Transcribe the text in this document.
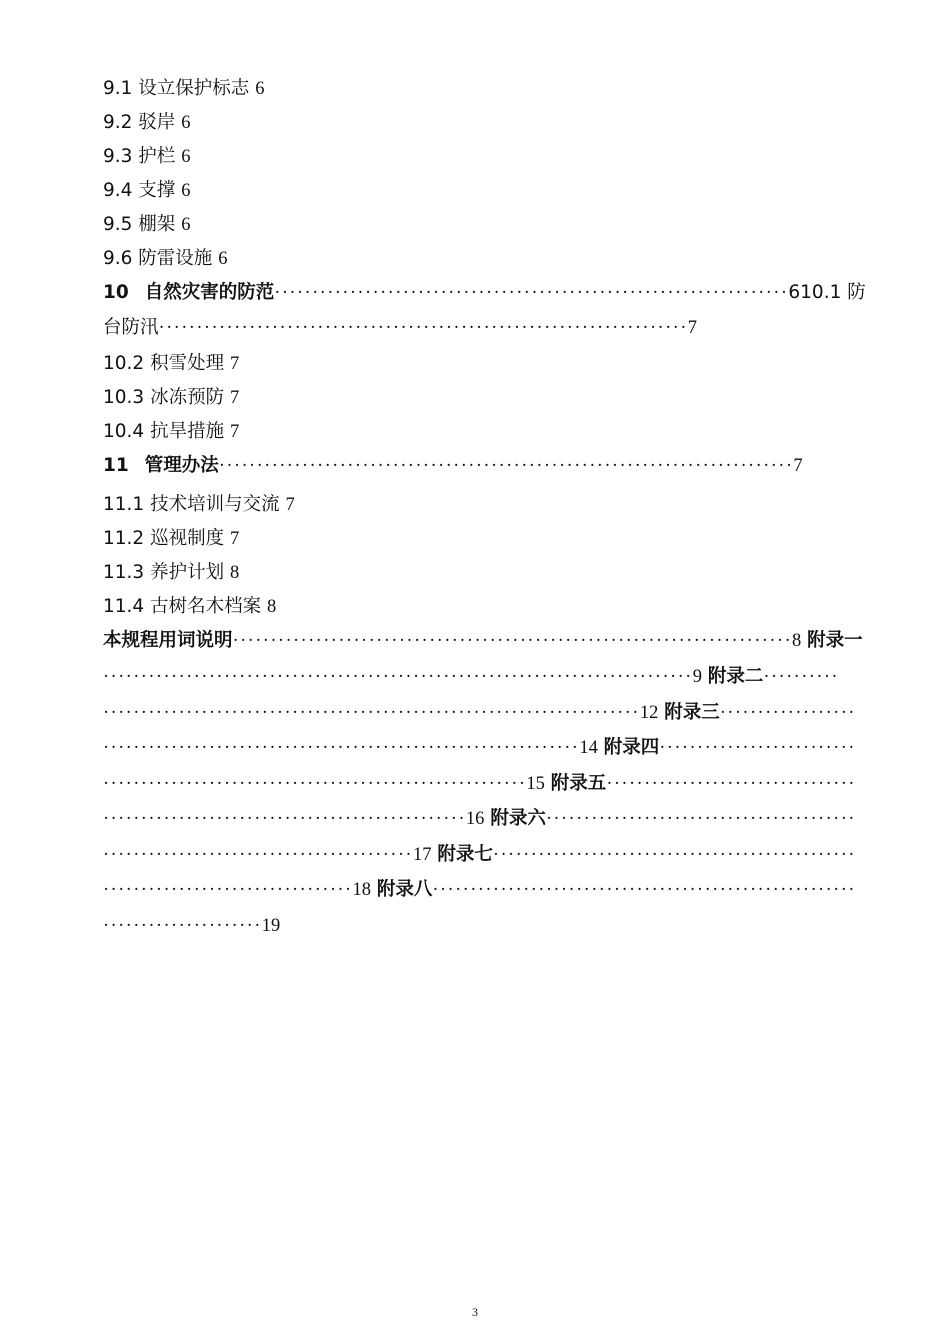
9.1 设立保护标志 6
9.2 驳岸 6
9.3 护栏 6
9.4 支撑 6
9.5 棚架 6
9.6 防雷设施 6
10 自然灾害的防范····································································610.1 防
台防汛······································································7
10.2 积雪处理 7
10.3 冰冻预防 7
10.4 抗旱措施 7
11 管理办法············································································7
11.1 技术培训与交流 7
11.2 巡视制度 7
11.3 养护计划 8
11.4 古树名木档案 8
本规程用词说明··········································································8 附录一
··············································································9 附录二··········
·······································································12 附录三··················
·······························································14 附录四··························
························································15 附录五·································
················································16 附录六·········································
·········································17 附录七················································
·································18 附录八························································
·····················19
3
